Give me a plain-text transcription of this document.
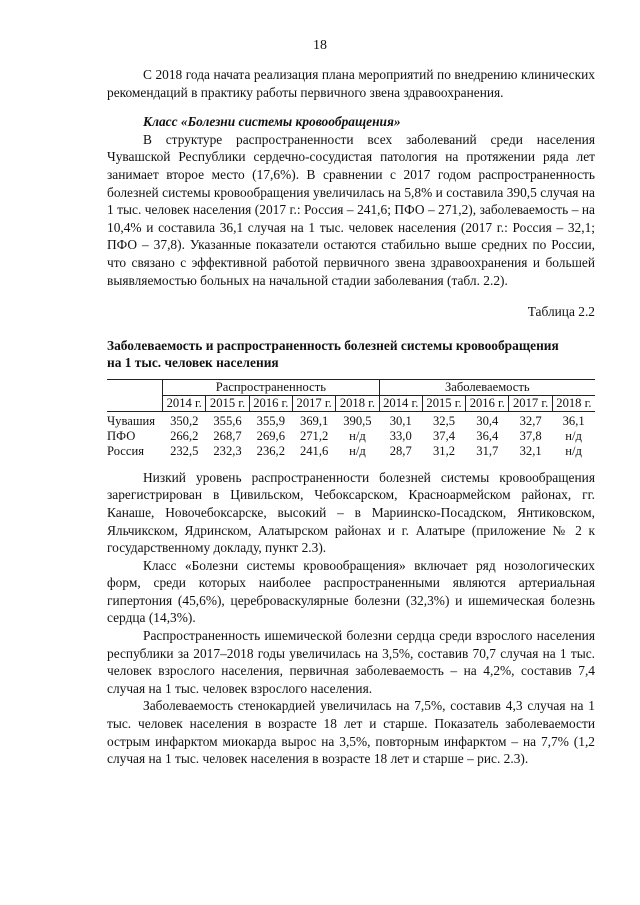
18

С 2018 года начата реализация плана мероприятий по внедрению клинических рекомендаций в практику работы первичного звена здравоохранения.

Класс «Болезни системы кровообращения»

В структуре распространенности всех заболеваний среди населения Чувашской Республики сердечно-сосудистая патология на протяжении ряда лет занимает второе место (17,6%). В сравнении с 2017 годом распространенность болезней системы кровообращения увеличилась на 5,8% и составила 390,5 случая на 1 тыс. человек населения (2017 г.: Россия – 241,6; ПФО – 271,2), заболеваемость – на 10,4% и составила 36,1 случая на 1 тыс. человек населения (2017 г.: Россия – 32,1; ПФО – 37,8). Указанные показатели остаются стабильно выше средних по России, что связано с эффективной работой первичного звена здравоохранения и большей выявляемостью больных на начальной стадии заболевания (табл. 2.2).

Таблица 2.2

Заболеваемость и распространенность болезней системы кровообращения
на 1 тыс. человек населения

	Распространенность					Заболеваемость				
	2014 г.	2015 г.	2016 г.	2017 г.	2018 г.	2014 г.	2015 г.	2016 г.	2017 г.	2018 г.
Чувашия	350,2	355,6	355,9	369,1	390,5	30,1	32,5	30,4	32,7	36,1
ПФО	266,2	268,7	269,6	271,2	н/д	33,0	37,4	36,4	37,8	н/д
Россия	232,5	232,3	236,2	241,6	н/д	28,7	31,2	31,7	32,1	н/д

Низкий уровень распространенности болезней системы кровообращения зарегистрирован в Цивильском, Чебоксарском, Красноармейском районах, гг. Канаше, Новочебоксарске, высокий – в Мариинско-Посадском, Янтиковском, Яльчикском, Ядринском, Алатырском районах и г. Алатыре (приложение № 2 к государственному докладу, пункт 2.3).

Класс «Болезни системы кровообращения» включает ряд нозологических форм, среди которых наиболее распространенными являются артериальная гипертония (45,6%), цереброваскулярные болезни (32,3%) и ишемическая болезнь сердца (14,3%).

Распространенность ишемической болезни сердца среди взрослого населения республики за 2017–2018 годы увеличилась на 3,5%, составив 70,7 случая на 1 тыс. человек взрослого населения, первичная заболеваемость – на 4,2%, составив 7,4 случая на 1 тыс. человек взрослого населения.

Заболеваемость стенокардией увеличилась на 7,5%, составив 4,3 случая на 1 тыс. человек населения в возрасте 18 лет и старше. Показатель заболеваемости острым инфарктом миокарда вырос на 3,5%, повторным инфарктом – на 7,7% (1,2 случая на 1 тыс. человек населения в возрасте 18 лет и старше – рис. 2.3).
